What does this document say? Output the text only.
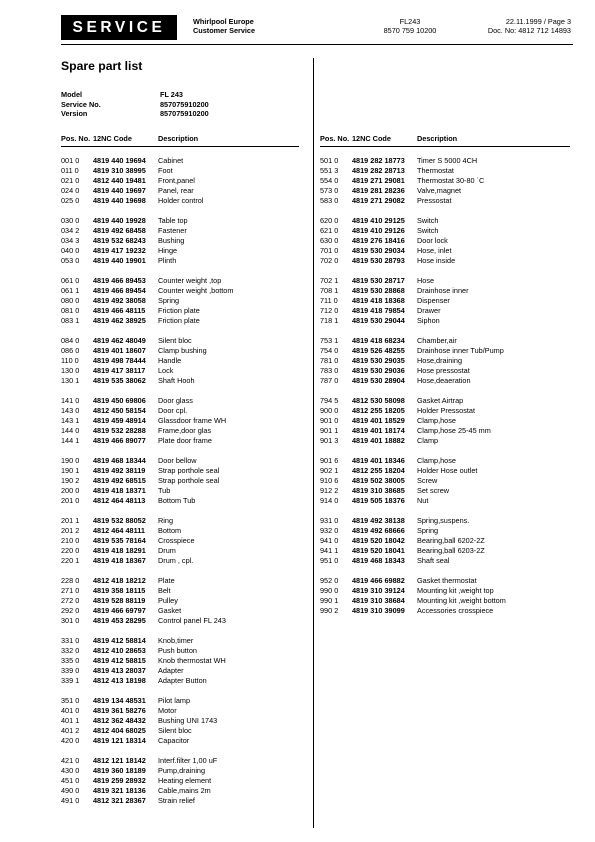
SERVICE	Whirlpool Europe
Customer Service
FL243
8570 759 10200
22.11.1999 / Page 3
Doc. No: 4812 712 14893
Spare part list
Model	FL 243
Service No.	857075910200
Version	857075910200
Pos. No. 12NC Code	Description
001 0	4819 440 19694	Cabinet
011 0	4819 310 38995	Foot
021 0	4812 440 19481	Front,panel
024 0	4819 440 19697	Panel, rear
025 0	4819 440 19698	Holder control
030 0	4819 440 19928	Table top
034 2	4819 492 68458	Fastener
034 3	4819 532 68243	Bushing
040 0	4819 417 19232	Hinge
053 0	4819 440 19901	Plinth
061 0	4819 466 89453	Counter weight ,top
061 1	4819 466 89454	Counter weight ,bottom
080 0	4819 492 38058	Spring
081 0	4819 466 48115	Friction plate
083 1	4819 462 38925	Friction plate
084 0	4819 462 48049	Silent bloc
086 0	4819 401 18607	Clamp bushing
110 0	4819 498 78444	Handle
130 0	4819 417 38117	Lock
130 1	4819 535 38062	Shaft Hooh
141 0	4819 450 69806	Door glass
143 0	4812 450 58154	Door cpl.
143 1	4819 459 48914	Glassdoor frame WH
144 0	4819 532 28288	Frame,door glas
144 1	4819 466 89077	Plate door frame
190 0	4819 468 18344	Door bellow
190 1	4819 492 38119	Strap porthole seal
190 2	4819 492 68515	Strap porthole seal
200 0	4819 418 18371	Tub
201 0	4812 464 48113	Bottom Tub
201 1	4819 532 88052	Ring
201 2	4812 464 48111	Bottom
210 0	4819 535 78164	Crosspiece
220 0	4819 418 18291	Drum
220 1	4819 418 18367	Drum , cpl.
228 0	4812 418 18212	Plate
271 0	4819 358 18115	Belt
272 0	4819 528 88119	Pulley
292 0	4819 466 69797	Gasket
301 0	4819 453 28295	Control panel FL 243
331 0	4819 412 58814	Knob,timer
332 0	4812 410 28653	Push button
335 0	4819 412 58815	Knob thermostat WH
339 0	4819 413 28037	Adapter
339 1	4812 413 18198	Adapter Button
351 0	4819 134 48531	Pilot lamp
401 0	4819 361 58276	Motor
401 1	4812 362 48432	Bushing UNI 1743
401 2	4812 404 68025	Silent bloc
420 0	4819 121 18314	Capacitor
421 0	4812 121 18142	Interf.filter 1,00 uF
430 0	4819 360 18189	Pump,draining
451 0	4819 259 28932	Heating element
490 0	4819 321 18136	Cable,mains 2m
491 0	4812 321 28367	Strain relief
Pos. No. 12NC Code	Description
501 0	4819 282 18773	Timer S 5000 4CH
551 3	4819 282 28713	Thermostat
554 0	4819 271 29081	Thermostat 30-80 ´C
573 0	4819 281 28236	Valve,magnet
583 0	4819 271 29082	Pressostat
620 0	4819 410 29125	Switch
621 0	4819 410 29126	Switch
630 0	4819 276 18416	Door lock
701 0	4819 530 29034	Hose, inlet
702 0	4819 530 28793	Hose inside
702 1	4819 530 28717	Hose
708 1	4819 530 28868	Drainhose inner
711 0	4819 418 18368	Dispenser
712 0	4819 418 79854	Drawer
718 1	4819 530 29044	Siphon
753 1	4819 418 68234	Chamber,air
754 0	4819 526 48255	Drainhose inner Tub/Pump
781 0	4819 530 29035	Hose,draining
783 0	4819 530 29036	Hose pressostat
787 0	4819 530 28904	Hose,deaeration
794 5	4812 530 58098	Gasket Airtrap
900 0	4812 255 18205	Holder Pressostat
901 0	4819 401 18529	Clamp,hose
901 1	4819 401 18174	Clamp,hose 25-45 mm
901 3	4819 401 18882	Clamp
901 6	4819 401 18346	Clamp,hose
902 1	4812 255 18204	Holder Hose outlet
910 6	4819 502 38005	Screw
912 2	4819 310 38685	Set screw
914 0	4819 505 18376	Nut
931 0	4819 492 38138	Spring,suspens.
932 0	4819 492 68666	Spring
941 0	4819 520 18042	Bearing,ball 6202-2Z
941 1	4819 520 18041	Bearing,ball 6203-2Z
951 0	4819 468 18343	Shaft seal
952 0	4819 466 69882	Gasket thermostat
990 0	4819 310 39124	Mounting kit ,weight top
990 1	4819 310 38684	Mounting kit ,weight bottom
990 2	4819 310 39099	Accessories crosspiece
